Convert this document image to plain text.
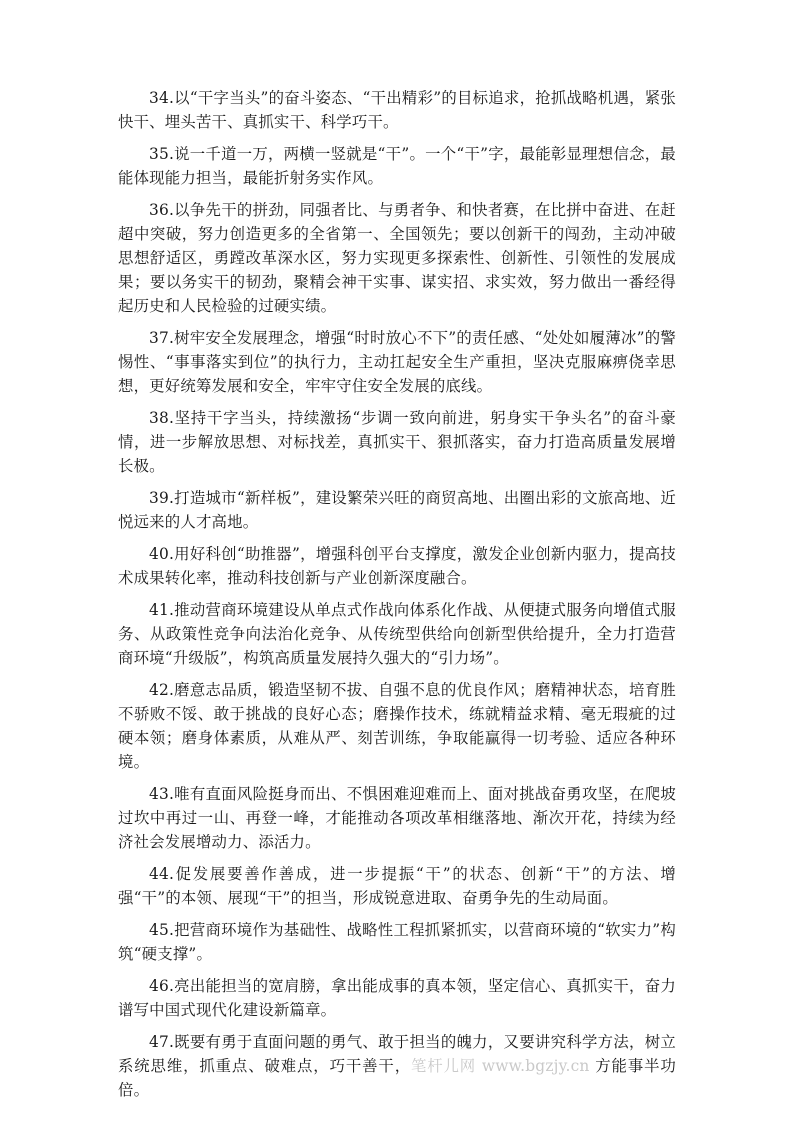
34.以“干字当头”的奋斗姿态、“干出精彩”的目标追求，抢抓战略机遇，紧张快干、埋头苦干、真抓实干、科学巧干。

35.说一千道一万，两横一竖就是“干”。一个“干”字，最能彰显理想信念，最能体现能力担当，最能折射务实作风。

36.以争先干的拼劲，同强者比、与勇者争、和快者赛，在比拼中奋进、在赶超中突破，努力创造更多的全省第一、全国领先；要以创新干的闯劲，主动冲破思想舒适区，勇蹚改革深水区，努力实现更多探索性、创新性、引领性的发展成果；要以务实干的韧劲，聚精会神干实事、谋实招、求实效，努力做出一番经得起历史和人民检验的过硬实绩。

37.树牢安全发展理念，增强“时时放心不下”的责任感、“处处如履薄冰”的警惕性、“事事落实到位”的执行力，主动扛起安全生产重担，坚决克服麻痹侥幸思想，更好统筹发展和安全，牢牢守住安全发展的底线。

38.坚持干字当头，持续激扬“步调一致向前进，躬身实干争头名”的奋斗豪情，进一步解放思想、对标找差，真抓实干、狠抓落实，奋力打造高质量发展增长极。

39.打造城市“新样板”，建设繁荣兴旺的商贸高地、出圈出彩的文旅高地、近悦远来的人才高地。

40.用好科创“助推器”，增强科创平台支撑度，激发企业创新内驱力，提高技术成果转化率，推动科技创新与产业创新深度融合。

41.推动营商环境建设从单点式作战向体系化作战、从便捷式服务向增值式服务、从政策性竞争向法治化竞争、从传统型供给向创新型供给提升，全力打造营商环境“升级版”，构筑高质量发展持久强大的“引力场”。

42.磨意志品质，锻造坚韧不拔、自强不息的优良作风；磨精神状态，培育胜不骄败不馁、敢于挑战的良好心态；磨操作技术，练就精益求精、毫无瑕疵的过硬本领；磨身体素质，从难从严、刻苦训练，争取能赢得一切考验、适应各种环境。

43.唯有直面风险挺身而出、不惧困难迎难而上、面对挑战奋勇攻坚，在爬坡过坎中再过一山、再登一峰，才能推动各项改革相继落地、渐次开花，持续为经济社会发展增动力、添活力。

44.促发展要善作善成，进一步提振“干”的状态、创新“干”的方法、增强“干”的本领、展现“干”的担当，形成锐意进取、奋勇争先的生动局面。

45.把营商环境作为基础性、战略性工程抓紧抓实，以营商环境的“软实力”构筑“硬支撑”。

46.亮出能担当的宽肩膀，拿出能成事的真本领，坚定信心、真抓实干，奋力谱写中国式现代化建设新篇章。

47.既要有勇于直面问题的勇气、敢于担当的魄力，又要讲究科学方法，树立系统思维，抓重点、破难点，巧干善干，笔杆儿网 www.bgzjy.cn 方能事半功倍。
